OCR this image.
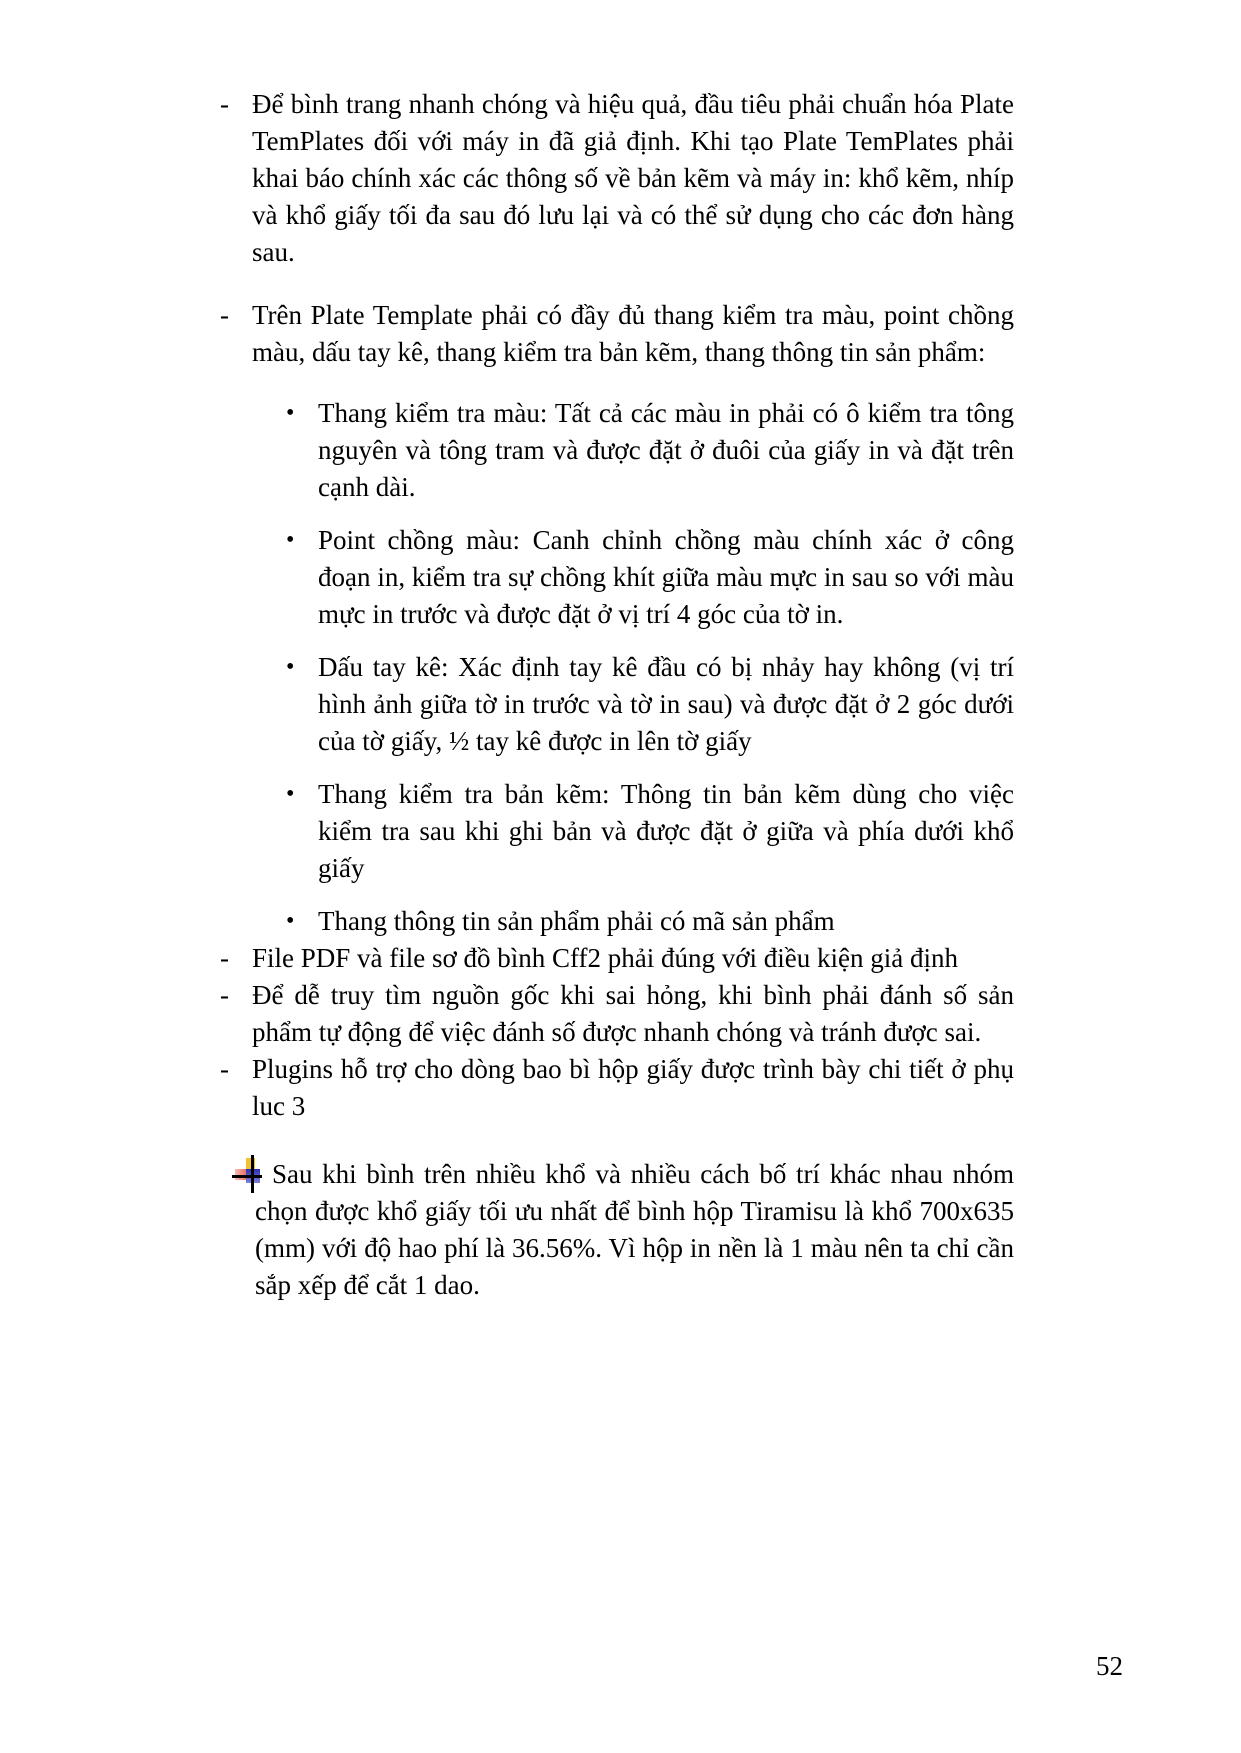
- Để bình trang nhanh chóng và hiệu quả, đầu tiêu phải chuẩn hóa Plate TemPlates đối với máy in đã giả định. Khi tạo Plate TemPlates phải khai báo chính xác các thông số về bản kẽm và máy in: khổ kẽm, nhíp và khổ giấy tối đa sau đó lưu lại và có thể sử dụng cho các đơn hàng sau.
- Trên Plate Template phải có đầy đủ thang kiểm tra màu, point chồng màu, dấu tay kê, thang kiểm tra bản kẽm, thang thông tin sản phẩm:
• Thang kiểm tra màu: Tất cả các màu in phải có ô kiểm tra tông nguyên và tông tram và được đặt ở đuôi của giấy in và đặt trên cạnh dài.
• Point chồng màu: Canh chỉnh chồng màu chính xác ở công đoạn in, kiểm tra sự chồng khít giữa màu mực in sau so với màu mực in trước và được đặt ở vị trí 4 góc của tờ in.
• Dấu tay kê: Xác định tay kê đầu có bị nhảy hay không (vị trí hình ảnh giữa tờ in trước và tờ in sau) và được đặt ở 2 góc dưới của tờ giấy, ½ tay kê được in lên tờ giấy
• Thang kiểm tra bản kẽm: Thông tin bản kẽm dùng cho việc kiểm tra sau khi ghi bản và được đặt ở giữa và phía dưới khổ giấy
• Thang thông tin sản phẩm phải có mã sản phẩm
- File PDF và file sơ đồ bình Cff2 phải đúng với điều kiện giả định
- Để dễ truy tìm nguồn gốc khi sai hỏng, khi bình phải đánh số sản phẩm tự động để việc đánh số được nhanh chóng và tránh được sai.
- Plugins hỗ trợ cho dòng bao bì hộp giấy được trình bày chi tiết ở phụ luc 3
Sau khi bình trên nhiều khổ và nhiều cách bố trí khác nhau nhóm chọn được khổ giấy tối ưu nhất để bình hộp Tiramisu là khổ 700x635 (mm) với độ hao phí là 36.56%. Vì hộp in nền là 1 màu nên ta chỉ cần sắp xếp để cắt 1 dao.
52
